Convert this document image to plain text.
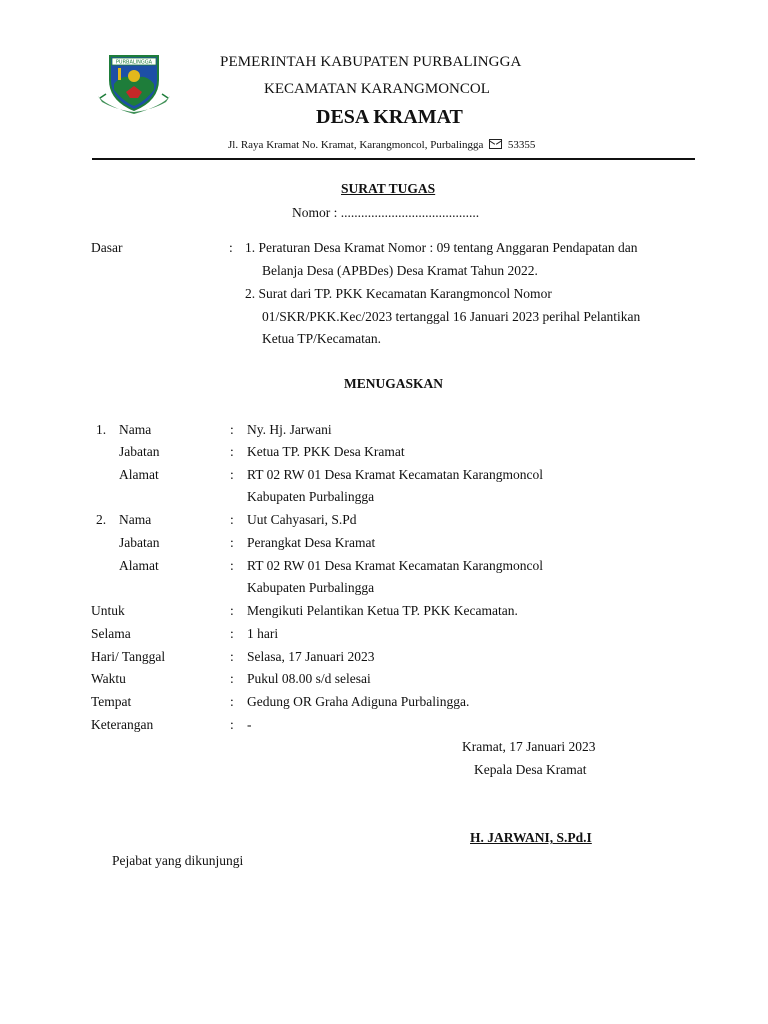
PURBALINGGA	PEMERINTAH KABUPATEN PURBALINGGA
KECAMATAN KARANGMONCOL
DESA KRAMAT
Jl. Raya Kramat No. Kramat, Karangmoncol, Purbalingga 53355
SURAT TUGAS
Nomor : .........................................
Dasar	: 1. Peraturan Desa Kramat Nomor : 09 tentang Anggaran Pendapatan dan
Belanja Desa (APBDes) Desa Kramat Tahun 2022.
2. Surat dari TP. PKK Kecamatan Karangmoncol Nomor
01/SKR/PKK.Kec/2023 tertanggal 16 Januari 2023 perihal Pelantikan
Ketua TP/Kecamatan.
MENUGASKAN
1. Nama	: Ny. Hj. Jarwani
Jabatan	: Ketua TP. PKK Desa Kramat
Alamat	: RT 02 RW 01 Desa Kramat Kecamatan Karangmoncol
Kabupaten Purbalingga
2. Nama	: Uut Cahyasari, S.Pd
Jabatan	: Perangkat Desa Kramat
Alamat	: RT 02 RW 01 Desa Kramat Kecamatan Karangmoncol
Kabupaten Purbalingga
Untuk	: Mengikuti Pelantikan Ketua TP. PKK Kecamatan.
Selama	: 1 hari
Hari/ Tanggal	: Selasa, 17 Januari 2023
Waktu	: Pukul 08.00 s/d selesai
Tempat	: Gedung OR Graha Adiguna Purbalingga.
Keterangan	: -
Kramat, 17 Januari 2023
Kepala Desa Kramat
H. JARWANI, S.Pd.I
Pejabat yang dikunjungi
